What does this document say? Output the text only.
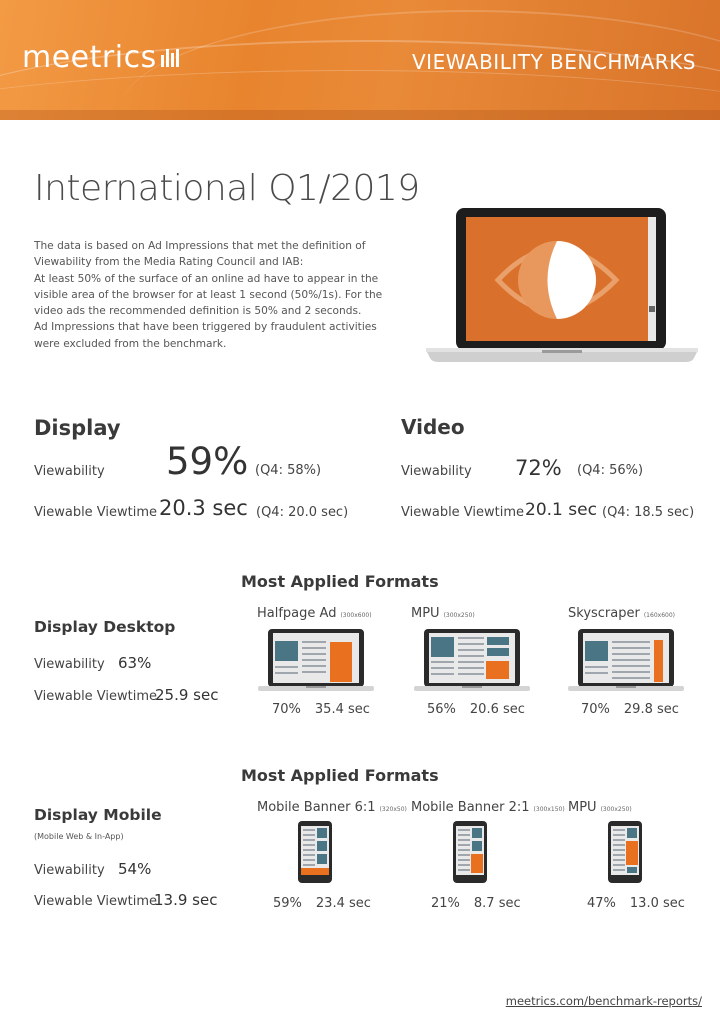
meetrics	VIEWABILITY BENCHMARKS
International Q1/2019
The data is based on Ad Impressions that met the definition of
Viewability from the Media Rating Council and IAB:
At least 50% of the surface of an online ad have to appear in the
visible area of the browser for at least 1 second (50%/1s). For the
video ads the recommended definition is 50% and 2 seconds.
Ad Impressions that have been triggered by fraudulent activities
were excluded from the benchmark.
Display
Viewability 59% (Q4: 58%)
Viewable Viewtime 20.3 sec (Q4: 20.0 sec)
Video
Viewability 72% (Q4: 56%)
Viewable Viewtime 20.1 sec (Q4: 18.5 sec)
Most Applied Formats
Display Desktop
Viewability 63%
Viewable Viewtime
25.9 sec
Halfpage Ad (300x600)
70% 35.4 sec
MPU (300x250)
56% 20.6 sec
Skyscraper (160x600)
70% 29.8 sec
Most Applied Formats
Display Mobile
(Mobile Web & In-App)
Viewability 54%
Viewable Viewtime
13.9 sec
Mobile Banner 6:1 (320x50)
59% 23.4 sec
Mobile Banner 2:1 (300x150)
21% 8.7 sec
MPU (300x250)
47% 13.0 sec
meetrics.com/benchmark-reports/
